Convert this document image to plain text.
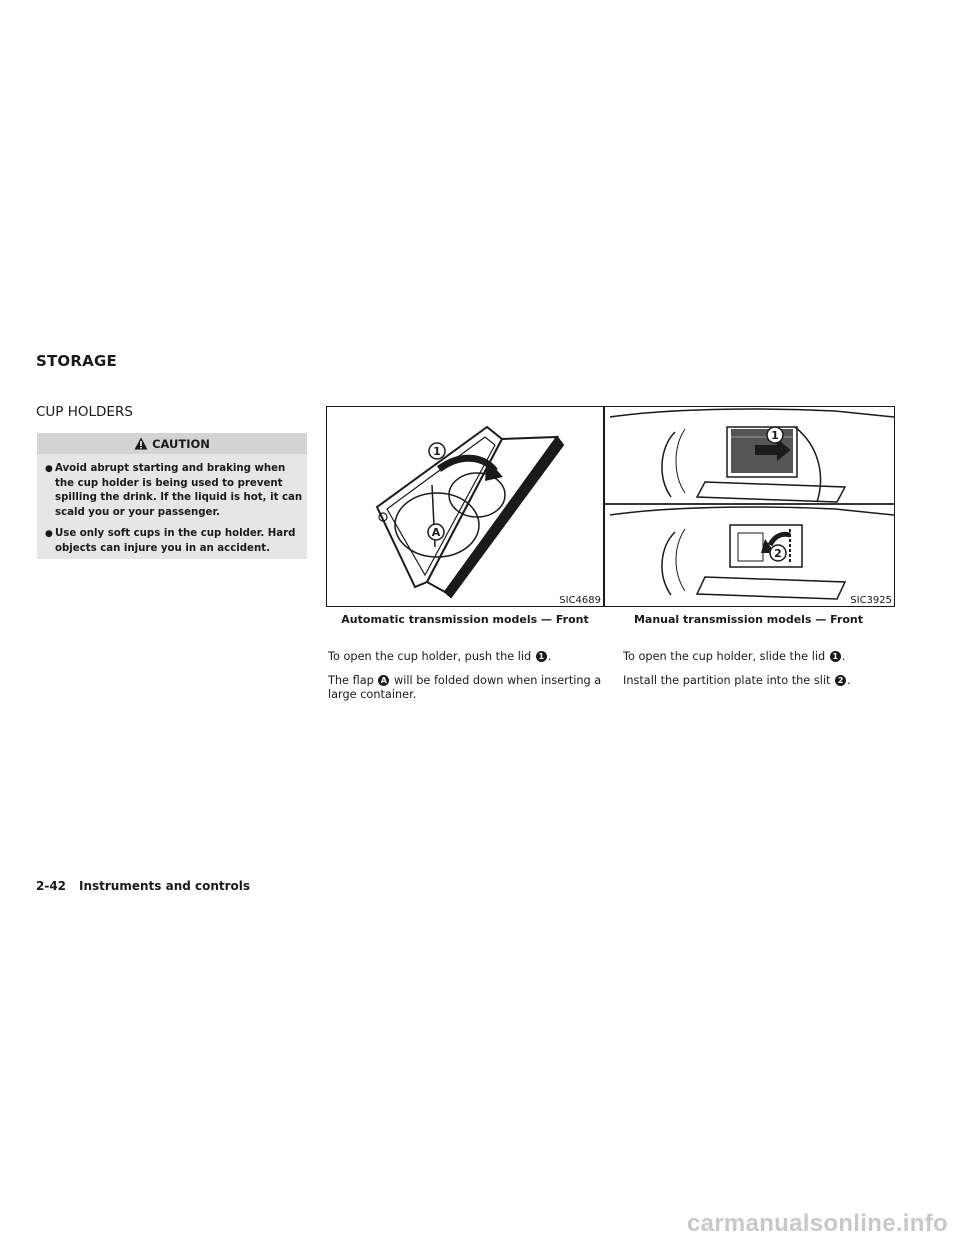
STORAGE
CUP HOLDERS
CAUTION
● Avoid abrupt starting and braking when the cup holder is being used to prevent spilling the drink. If the liquid is hot, it can scald you or your passenger.
● Use only soft cups in the cup holder. Hard objects can injure you in an accident.
1
A
SIC4689
Automatic transmission models — Front
1
2
SIC3925
Manual transmission models — Front
To open the cup holder, push the lid 1 .
The flap A will be folded down when inserting a large container.
To open the cup holder, slide the lid 1 .
Install the partition plate into the slit 2 .
2-42 Instruments and controls
carmanualsonline.info
